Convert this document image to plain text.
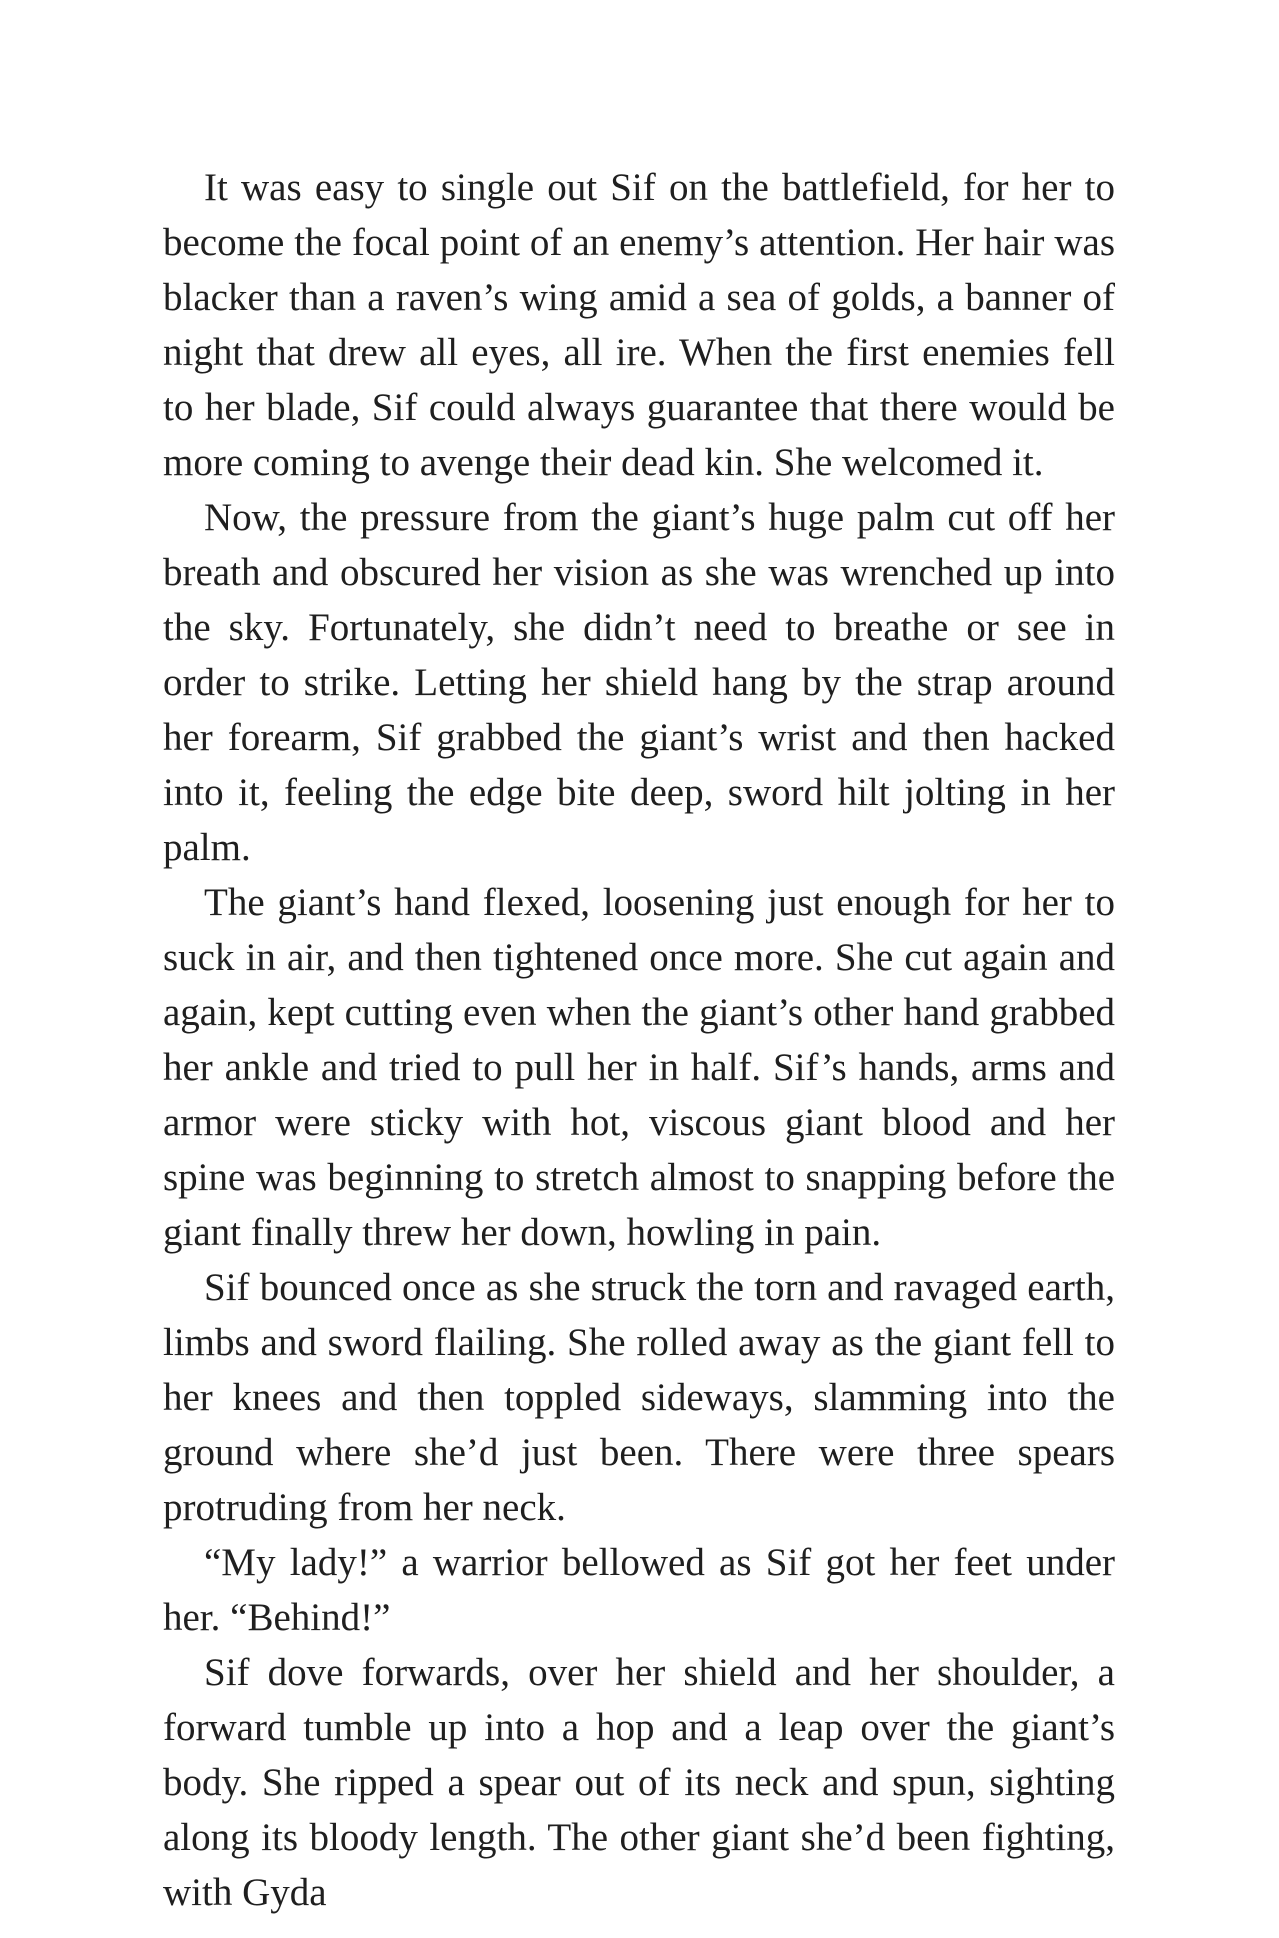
It was easy to single out Sif on the battlefield, for her to become the focal point of an enemy’s attention. Her hair was blacker than a raven’s wing amid a sea of golds, a banner of night that drew all eyes, all ire. When the first enemies fell to her blade, Sif could always guarantee that there would be more coming to avenge their dead kin. She welcomed it.

Now, the pressure from the giant’s huge palm cut off her breath and obscured her vision as she was wrenched up into the sky. Fortunately, she didn’t need to breathe or see in order to strike. Letting her shield hang by the strap around her forearm, Sif grabbed the giant’s wrist and then hacked into it, feeling the edge bite deep, sword hilt jolting in her palm.

The giant’s hand flexed, loosening just enough for her to suck in air, and then tightened once more. She cut again and again, kept cutting even when the giant’s other hand grabbed her ankle and tried to pull her in half. Sif’s hands, arms and armor were sticky with hot, viscous giant blood and her spine was beginning to stretch almost to snapping before the giant finally threw her down, howling in pain.

Sif bounced once as she struck the torn and ravaged earth, limbs and sword flailing. She rolled away as the giant fell to her knees and then toppled sideways, slamming into the ground where she’d just been. There were three spears protruding from her neck.

“My lady!” a warrior bellowed as Sif got her feet under her. “Behind!”

Sif dove forwards, over her shield and her shoulder, a forward tumble up into a hop and a leap over the giant’s body. She ripped a spear out of its neck and spun, sighting along its bloody length. The other giant she’d been fighting, with Gyda
